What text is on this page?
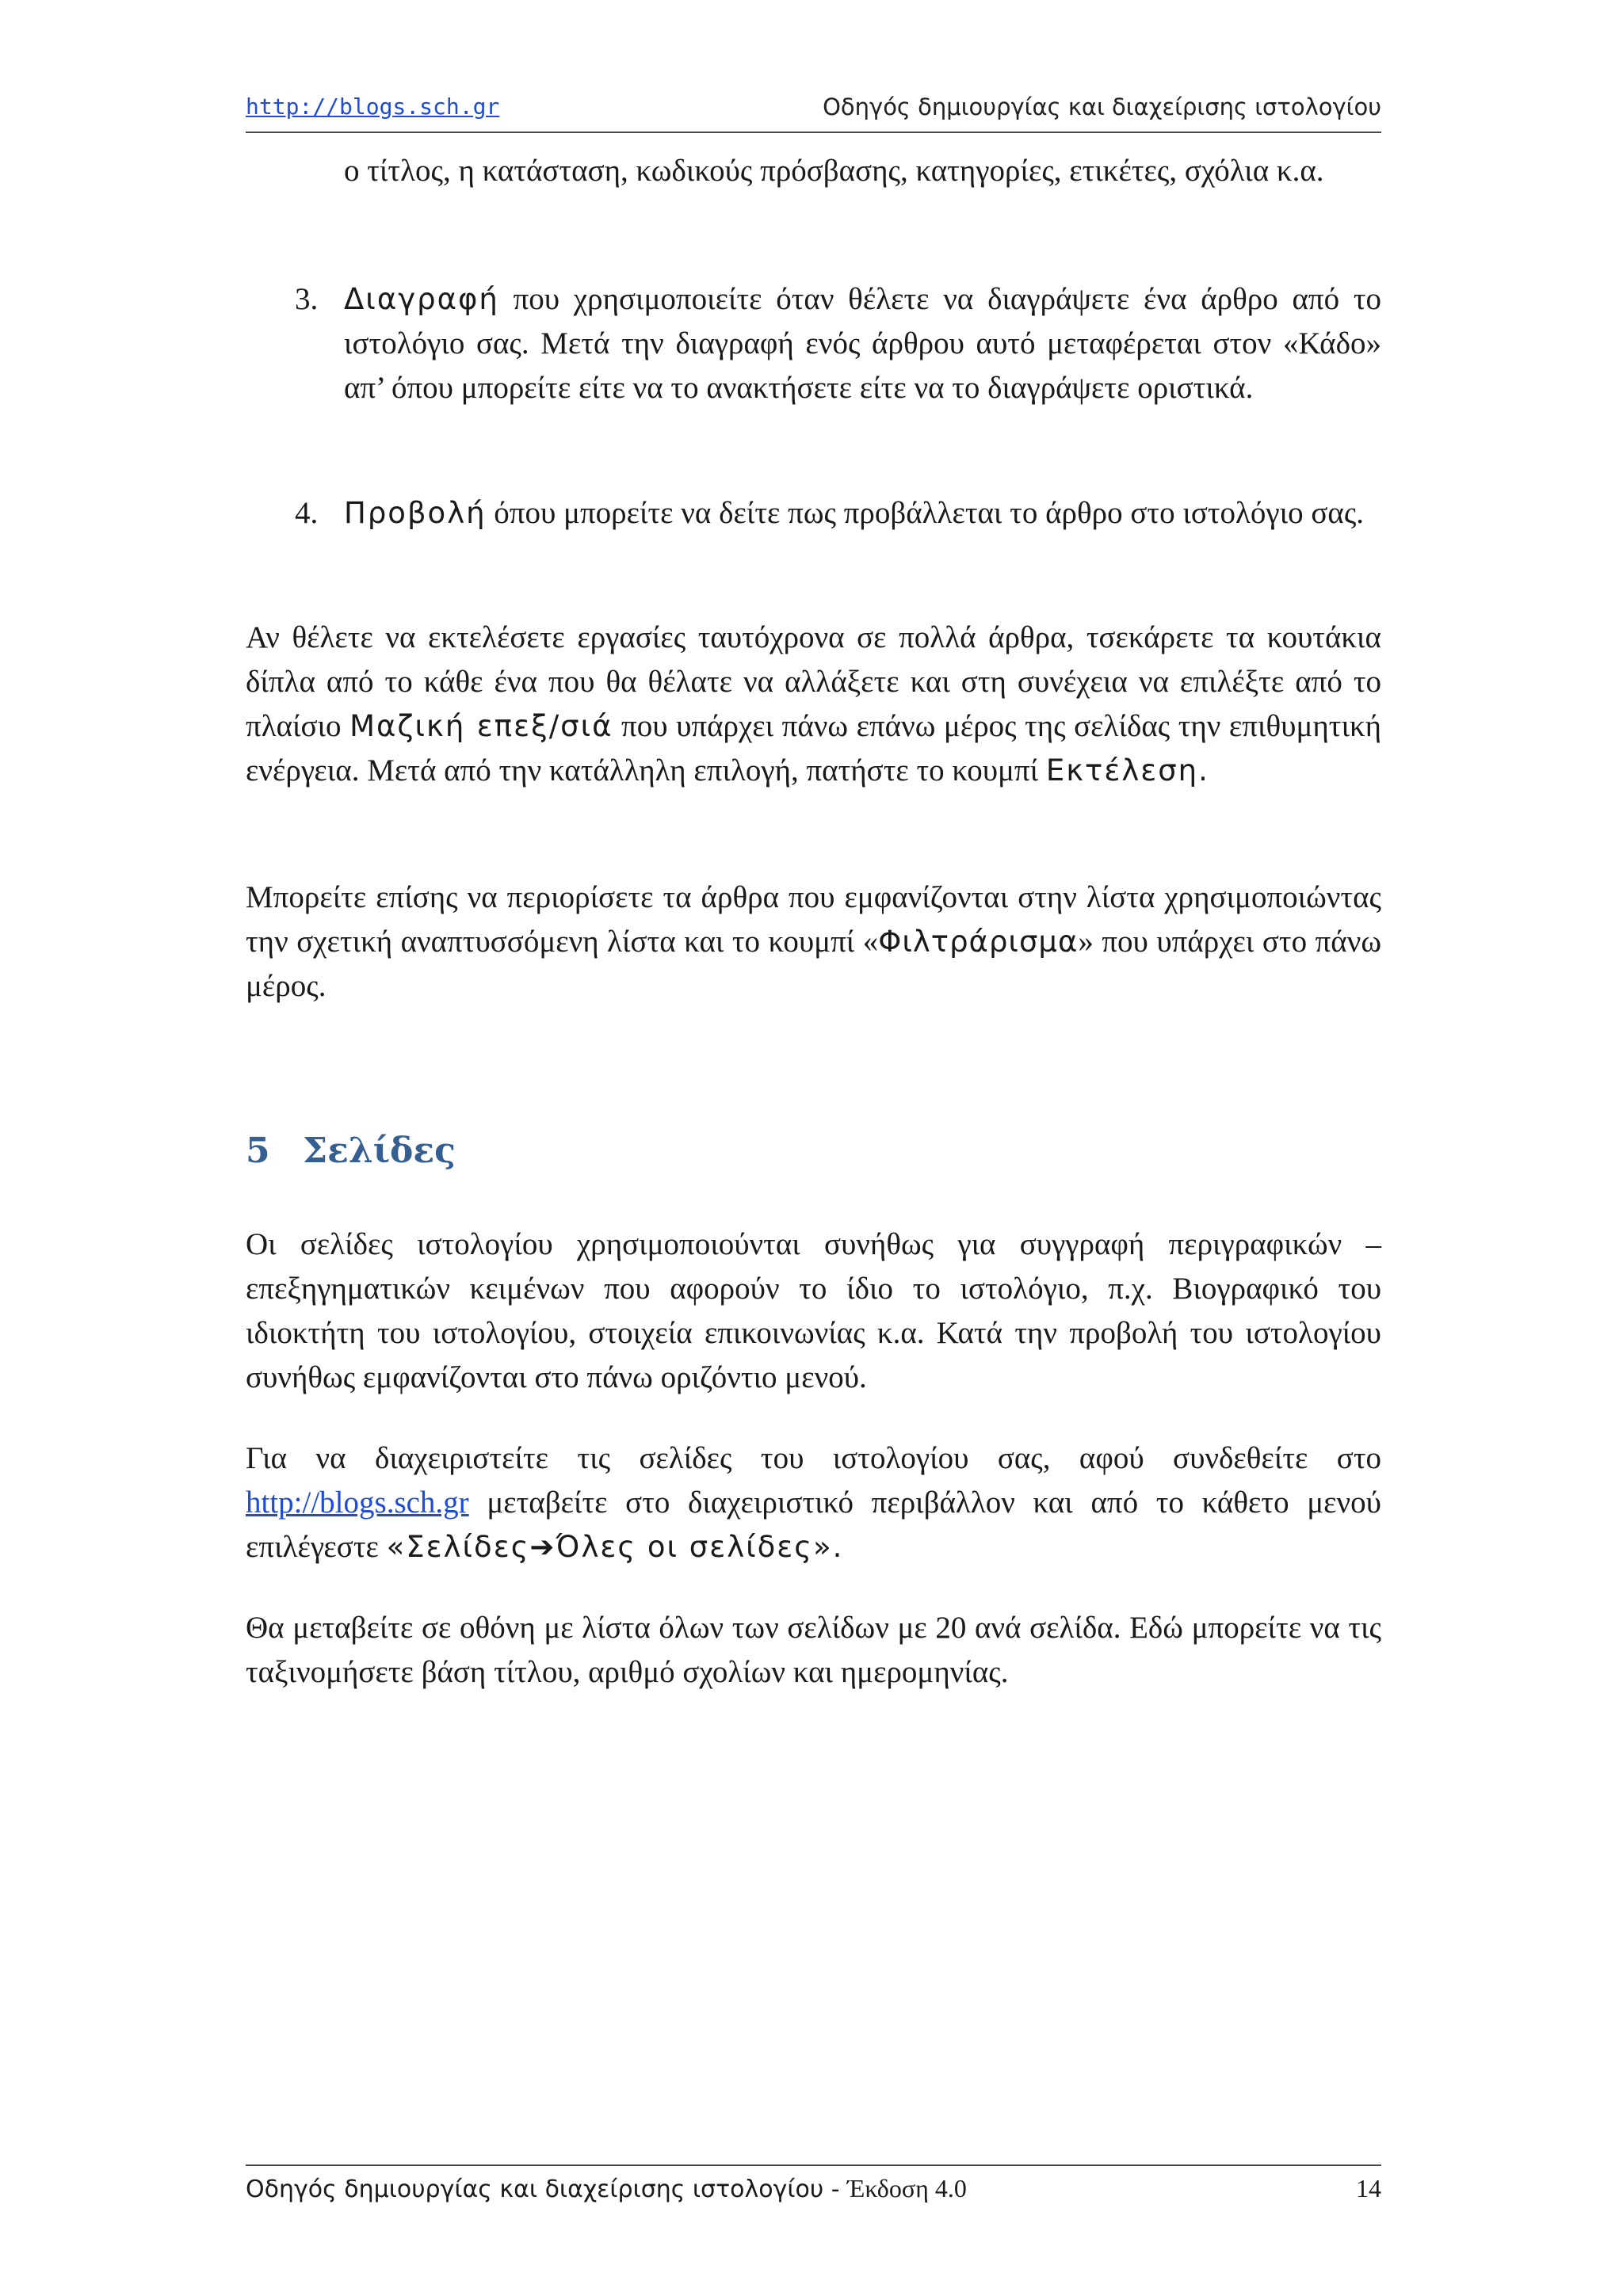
http://blogs.sch.gr	Οδηγός δημιουργίας και διαχείρισης ιστολογίου
ο τίτλος, η κατάσταση, κωδικούς πρόσβασης, κατηγορίες, ετικέτες, σχόλια κ.α.
3. Διαγραφή που χρησιμοποιείτε όταν θέλετε να διαγράψετε ένα άρθρο από το ιστολόγιο σας. Μετά την διαγραφή ενός άρθρου αυτό μεταφέρεται στον «Κάδο» απ’ όπου μπορείτε είτε να το ανακτήσετε είτε να το διαγράψετε οριστικά.
4. Προβολή όπου μπορείτε να δείτε πως προβάλλεται το άρθρο στο ιστολόγιο σας.
Αν θέλετε να εκτελέσετε εργασίες ταυτόχρονα σε πολλά άρθρα, τσεκάρετε τα κουτάκια δίπλα από το κάθε ένα που θα θέλατε να αλλάξετε και στη συνέχεια να επιλέξτε από το πλαίσιο Μαζική επεξ/σιά που υπάρχει πάνω επάνω μέρος της σελίδας την επιθυμητική ενέργεια. Μετά από την κατάλληλη επιλογή, πατήστε το κουμπί Εκτέλεση.
Μπορείτε επίσης να περιορίσετε τα άρθρα που εμφανίζονται στην λίστα χρησιμοποιώντας την σχετική αναπτυσσόμενη λίστα και το κουμπί «Φιλτράρισμα» που υπάρχει στο πάνω μέρος.
5 Σελίδες
Οι σελίδες ιστολογίου χρησιμοποιούνται συνήθως για συγγραφή περιγραφικών – επεξηγηματικών κειμένων που αφορούν το ίδιο το ιστολόγιο, π.χ. Βιογραφικό του ιδιοκτήτη του ιστολογίου, στοιχεία επικοινωνίας κ.α. Κατά την προβολή του ιστολογίου συνήθως εμφανίζονται στο πάνω οριζόντιο μενού.
Για να διαχειριστείτε τις σελίδες του ιστολογίου σας, αφού συνδεθείτε στο http://blogs.sch.gr μεταβείτε στο διαχειριστικό περιβάλλον και από το κάθετο μενού επιλέγεστε «Σελίδες➔Όλες οι σελίδες».
Θα μεταβείτε σε οθόνη με λίστα όλων των σελίδων με 20 ανά σελίδα. Εδώ μπορείτε να τις ταξινομήσετε βάση τίτλου, αριθμό σχολίων και ημερομηνίας.
Οδηγός δημιουργίας και διαχείρισης ιστολογίου - Έκδοση 4.0	14
